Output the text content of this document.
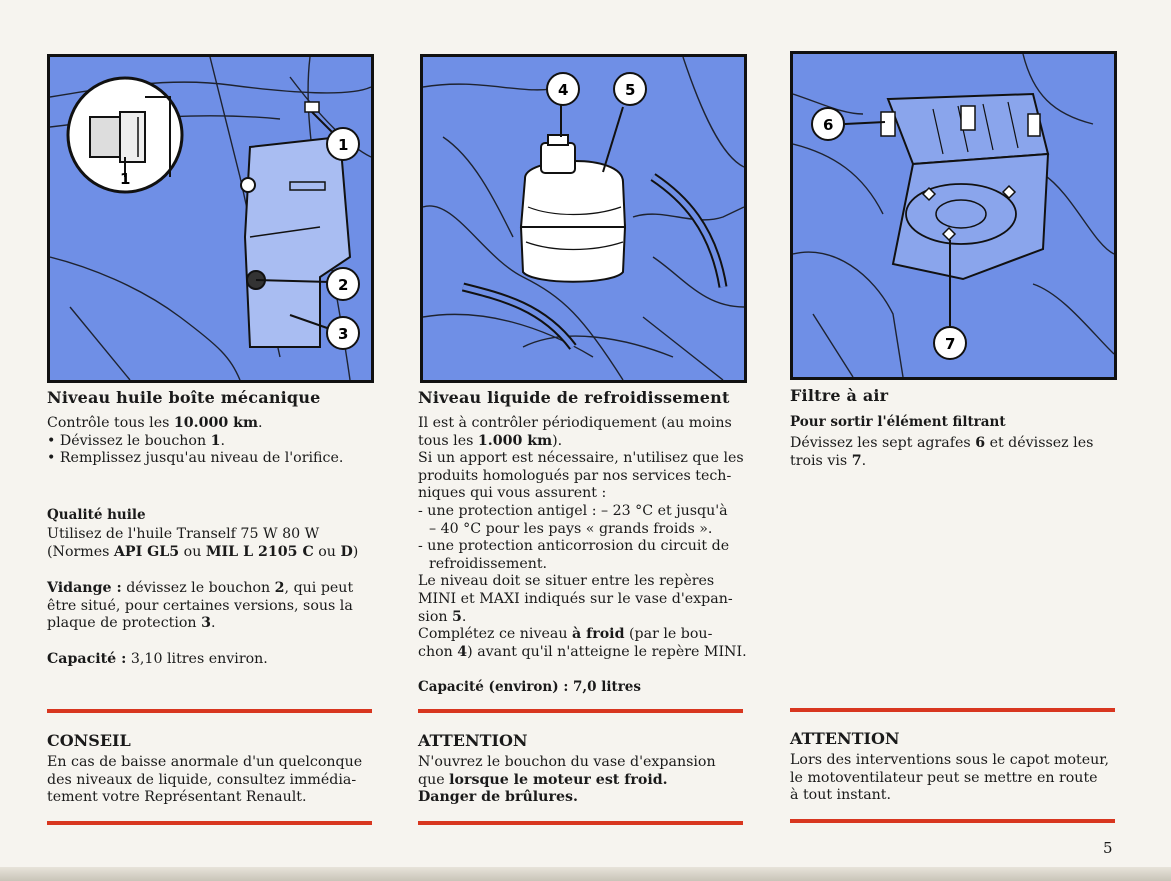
1
1
2
3
Niveau huile boîte mécanique
Contrôle tous les 10.000 km.
• Dévissez le bouchon 1.
• Remplissez jusqu'au niveau de l'orifice.

Qualité huile

Utilisez de l'huile Tranself 75 W 80 W
(Normes API GL5 ou MIL L 2105 C ou D)
Vidange : dévissez le bouchon 2, qui peut
être situé, pour certaines versions, sous la
plaque de protection 3.
Capacité : 3,10 litres environ.
4	5
Niveau liquide de refroidissement
Il est à contrôler périodiquement (au moins
tous les 1.000 km).
Si un apport est nécessaire, n'utilisez que les
produits homologués par nos services tech-
niques qui vous assurent :
- une protection antigel : – 23 °C et jusqu'à
– 40 °C pour les pays « grands froids ».
- une protection anticorrosion du circuit de
refroidissement.
Le niveau doit se situer entre les repères
MINI et MAXI indiqués sur le vase d'expan-
sion 5.
Complétez ce niveau à froid (par le bou-
chon 4) avant qu'il n'atteigne le repère MINI.

Capacité (environ) : 7,0 litres

6
7
Filtre à air

Pour sortir l'élément filtrant

Dévissez les sept agrafes 6 et dévissez les
trois vis 7.

CONSEIL

En cas de baisse anormale d'un quelconque
des niveaux de liquide, consultez immédia-
tement votre Représentant Renault.

ATTENTION

N'ouvrez le bouchon du vase d'expansion
que lorsque le moteur est froid.
Danger de brûlures.

ATTENTION

Lors des interventions sous le capot moteur,
le motoventilateur peut se mettre en route
à tout instant.
5
